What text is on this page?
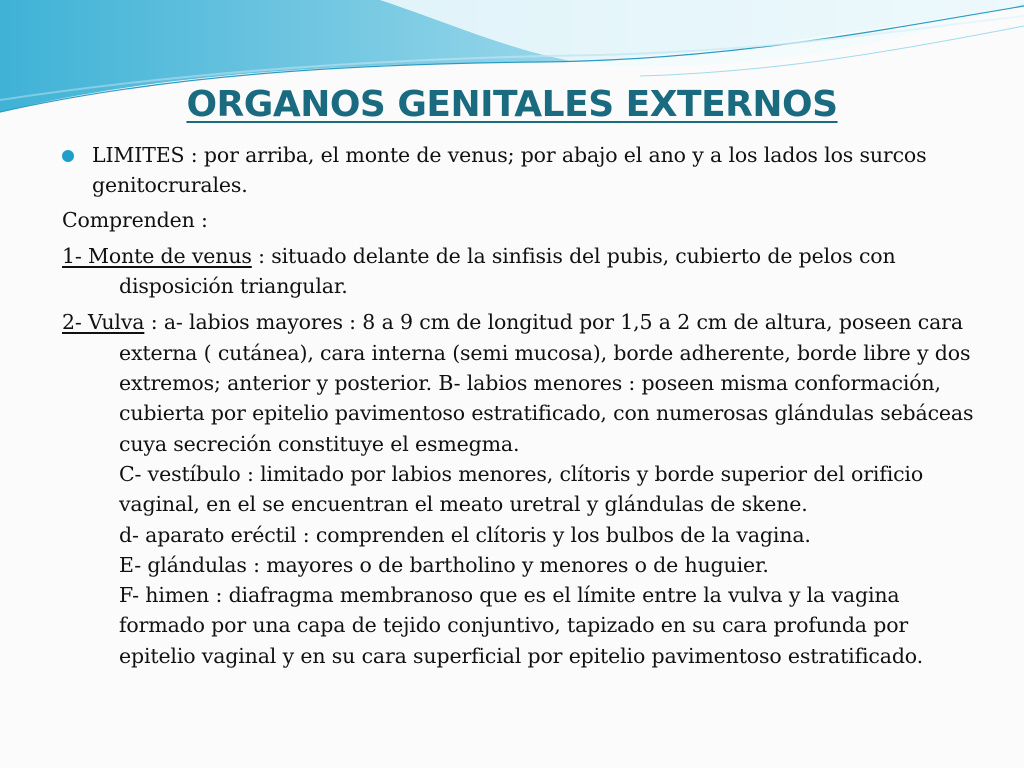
ORGANOS GENITALES EXTERNOS
LIMITES : por arriba, el monte de venus; por abajo el ano y a los lados los surcos genitocrurales.
Comprenden :
1- Monte de venus : situado delante de la sinfisis del pubis, cubierto de pelos con disposición triangular.
2- Vulva : a- labios mayores : 8 a 9 cm de longitud por 1,5 a 2 cm de altura, poseen cara externa ( cutánea), cara interna (semi mucosa), borde adherente, borde libre y dos extremos; anterior y posterior. B- labios menores : poseen misma conformación, cubierta por epitelio pavimentoso estratificado, con numerosas glándulas sebáceas cuya secreción constituye el esmegma.
C- vestíbulo : limitado por labios menores, clítoris y borde superior del orificio vaginal, en el se encuentran el meato uretral y glándulas de skene.
d- aparato eréctil : comprenden el clítoris y los bulbos de la vagina.
E- glándulas : mayores o de bartholino y menores o de huguier.
F- himen : diafragma membranoso que es el límite entre la vulva y la vagina formado por una capa de tejido conjuntivo, tapizado en su cara profunda por epitelio vaginal y en su cara superficial por epitelio pavimentoso estratificado.
